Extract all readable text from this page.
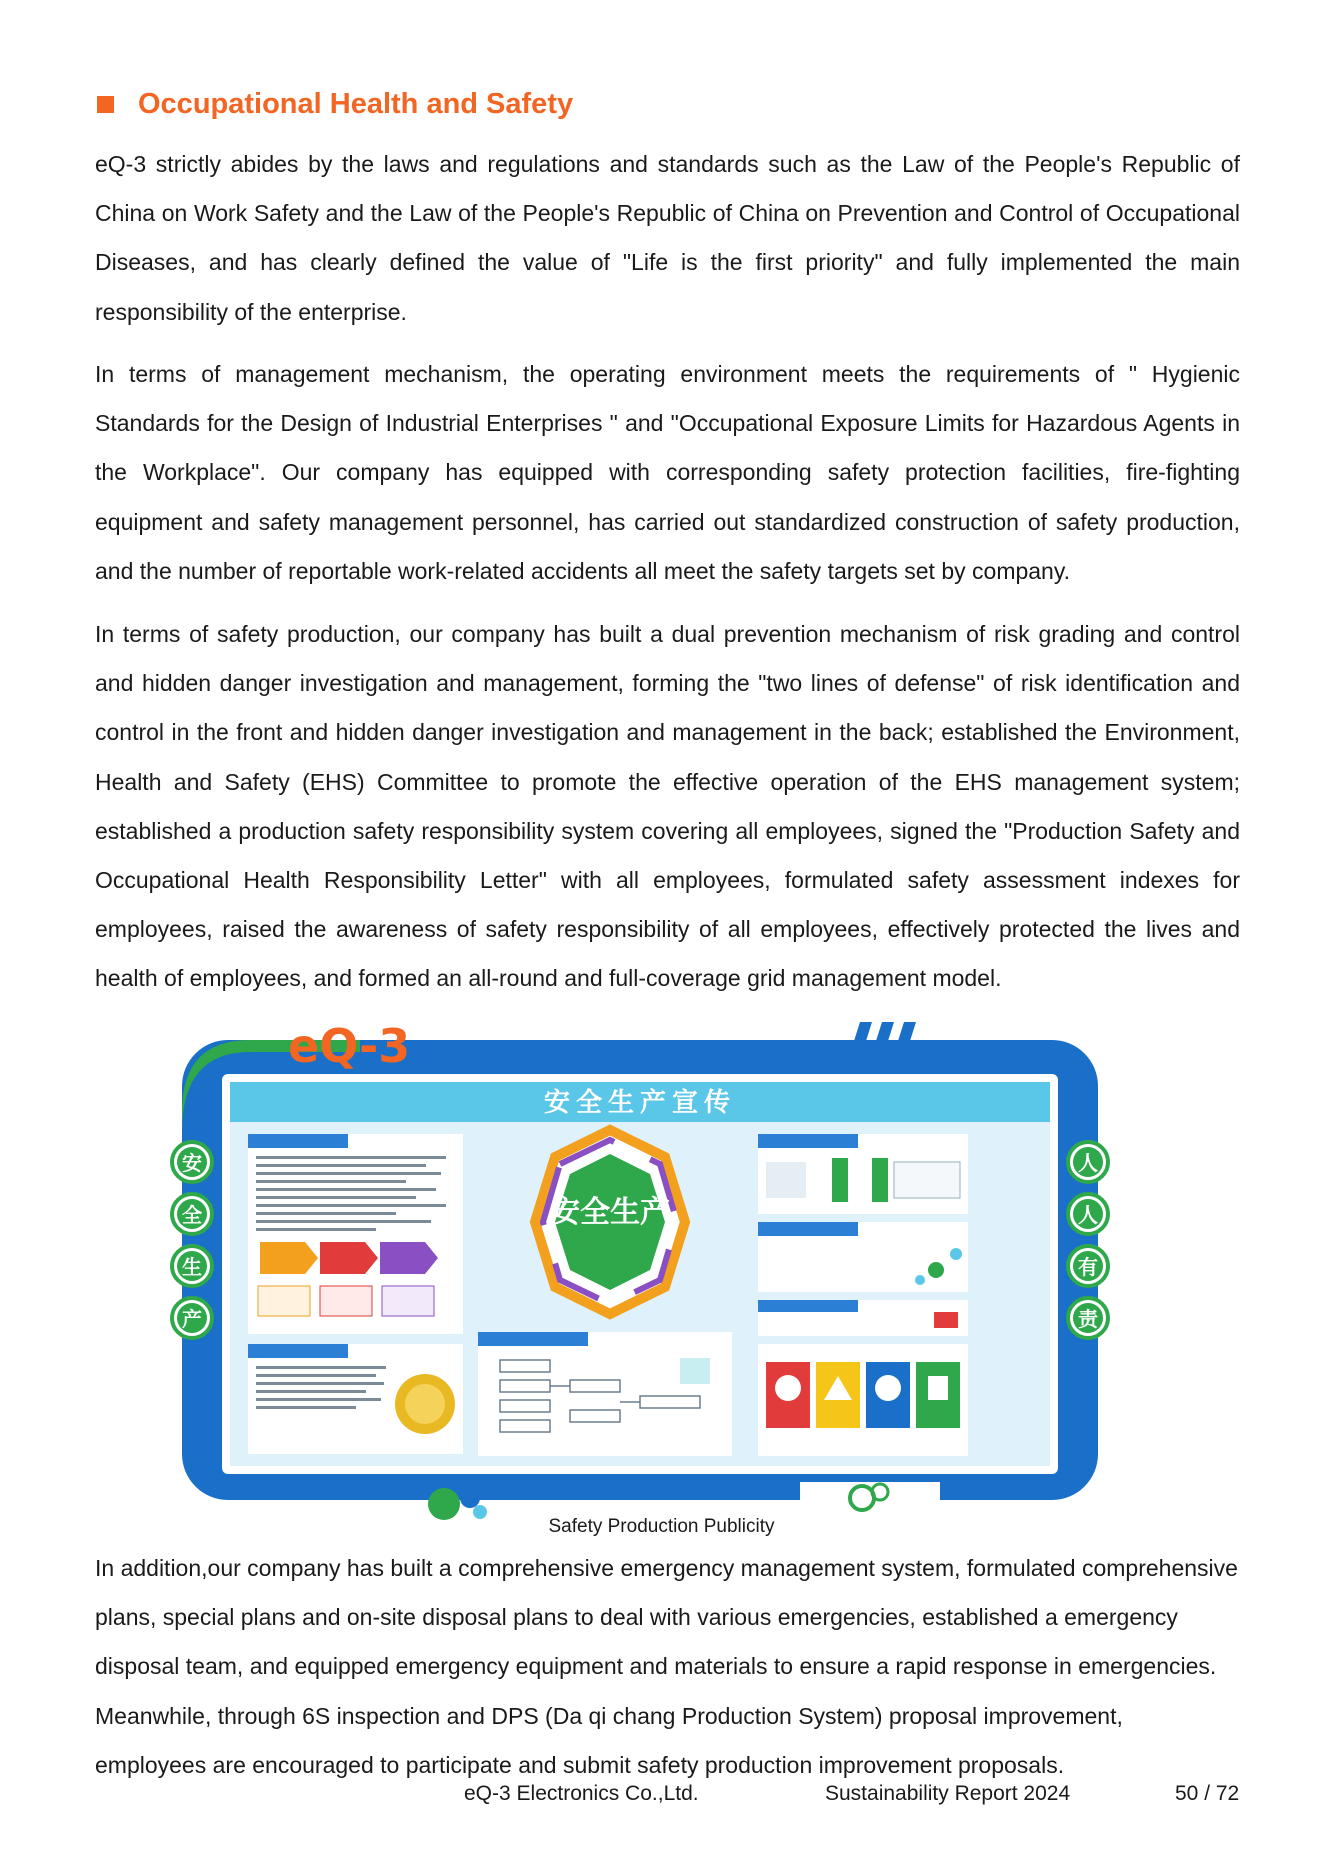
Occupational Health and Safety

eQ-3 strictly abides by the laws and regulations and standards such as the Law of the People's Republic of China on Work Safety and the Law of the People's Republic of China on Prevention and Control of Occupational Diseases, and has clearly defined the value of "Life is the first priority" and fully implemented the main responsibility of the enterprise.

In terms of management mechanism, the operating environment meets the requirements of " Hygienic Standards for the Design of Industrial Enterprises " and "Occupational Exposure Limits for Hazardous Agents in the Workplace". Our company has equipped with corresponding safety protection facilities, fire-fighting equipment and safety management personnel, has carried out standardized construction of safety production, and the number of reportable work-related accidents all meet the safety targets set by company.

In terms of safety production, our company has built a dual prevention mechanism of risk grading and control and hidden danger investigation and management, forming the "two lines of defense" of risk identification and control in the front and hidden danger investigation and management in the back; established the Environment, Health and Safety (EHS) Committee to promote the effective operation of the EHS management system; established a production safety responsibility system covering all employees, signed the "Production Safety and Occupational Health Responsibility Letter" with all employees, formulated safety assessment indexes for employees, raised the awareness of safety responsibility of all employees, effectively protected the lives and health of employees, and formed an all-round and full-coverage grid management model.

eQ-3
安全生产宣传
安全生产
安
全
生
产
人
人
有
责
Safety Production Publicity

In addition,our company has built a comprehensive emergency management system, formulated comprehensive plans, special plans and on-site disposal plans to deal with various emergencies, established a emergency disposal team, and equipped emergency equipment and materials to ensure a rapid response in emergencies. Meanwhile, through 6S inspection and DPS (Da qi chang Production System) proposal improvement, employees are encouraged to participate and submit safety production improvement proposals.

eQ-3 Electronics Co.,Ltd.	Sustainability Report 2024	50 / 72
